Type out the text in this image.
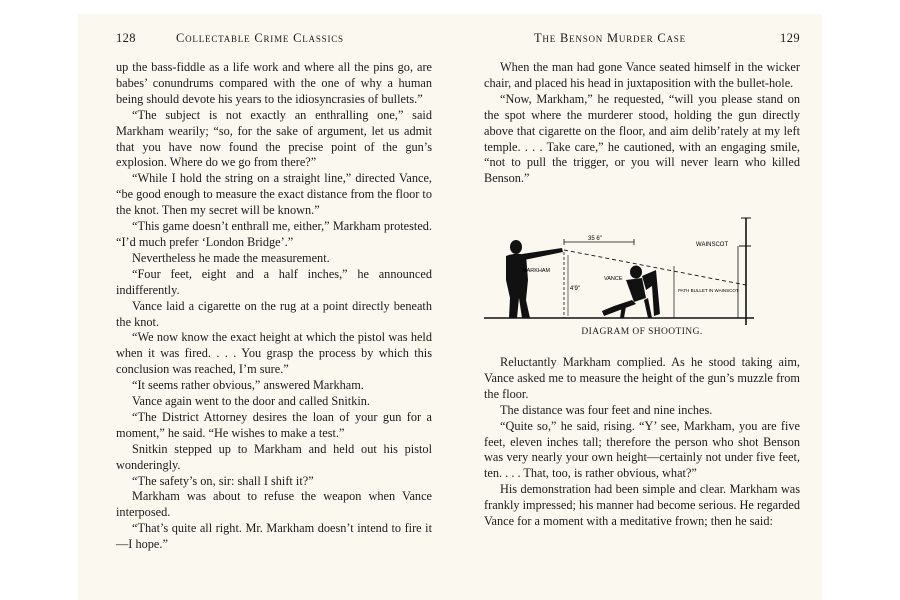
128	Collectable Crime Classics

up the bass-fiddle as a life work and where all the pins go, are babes’ conundrums compared with the one of why a human being should devote his years to the idiosyncrasies of bullets.”

“The subject is not exactly an enthralling one,” said Markham wearily; “so, for the sake of argument, let us admit that you have now found the precise point of the gun’s explosion. Where do we go from there?”

“While I hold the string on a straight line,” directed Vance, “be good enough to measure the exact distance from the floor to the knot. Then my secret will be known.”

“This game doesn’t enthrall me, either,” Markham protested. “I’d much prefer ‘London Bridge’.”

Nevertheless he made the measurement.

“Four feet, eight and a half inches,” he announced indifferently.

Vance laid a cigarette on the rug at a point directly beneath the knot.

“We now know the exact height at which the pistol was held when it was fired. . . . You grasp the process by which this conclusion was reached, I’m sure.”

“It seems rather obvious,” answered Markham.

Vance again went to the door and called Snitkin.

“The District Attorney desires the loan of your gun for a moment,” he said. “He wishes to make a test.”

Snitkin stepped up to Markham and held out his pistol wonderingly.

“The safety’s on, sir: shall I shift it?”

Markham was about to refuse the weapon when Vance interposed.

“That’s quite all right. Mr. Markham doesn’t intend to fire it—I hope.”

The Benson Murder Case	129

When the man had gone Vance seated himself in the wicker chair, and placed his head in juxtaposition with the bullet-hole.

“Now, Markham,” he requested, “will you please stand on the spot where the murderer stood, holding the gun directly above that cigarette on the floor, and aim delib’rately at my left temple. . . . Take care,” he cautioned, with an engaging smile, “not to pull the trigger, or you will never learn who killed Benson.”

35 6"
4'9"
MARKHAM
VANCE
WAINSCOT
PATH BULLET IN WAINSCOT
DIAGRAM OF SHOOTING.

Reluctantly Markham complied. As he stood taking aim, Vance asked me to measure the height of the gun’s muzzle from the floor.

The distance was four feet and nine inches.

“Quite so,” he said, rising. “Y’ see, Markham, you are five feet, eleven inches tall; therefore the person who shot Benson was very nearly your own height—certainly not under five feet, ten. . . . That, too, is rather obvious, what?”

His demonstration had been simple and clear. Markham was frankly impressed; his manner had become serious. He regarded Vance for a moment with a meditative frown; then he said:
